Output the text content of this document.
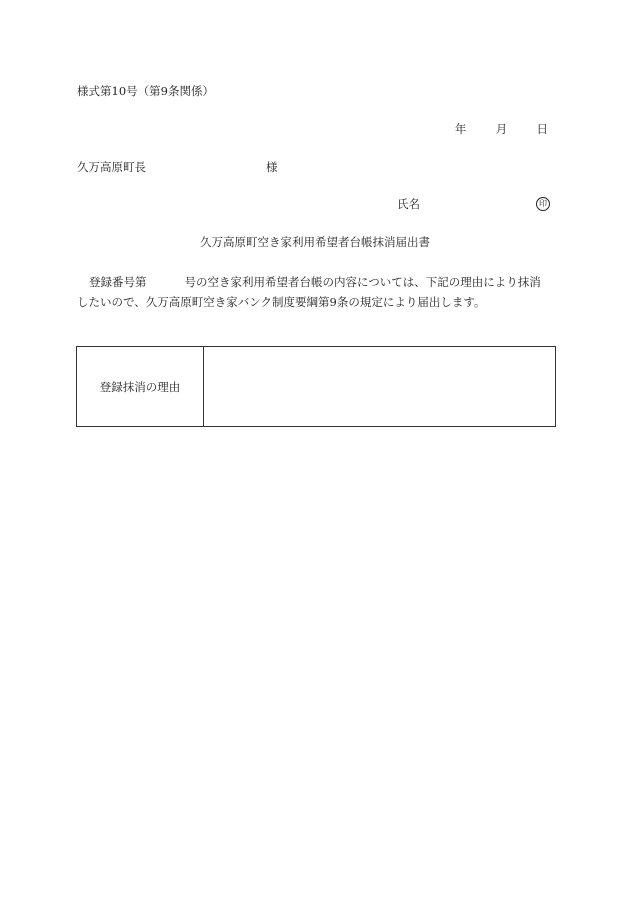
様式第10号（第9条関係）
年	月	日
久万高原町長	様
氏名	印
久万高原町空き家利用希望者台帳抹消届出書
登録番号第	号の空き家利用希望者台帳の内容については、下記の理由により抹消
したいので、久万高原町空き家バンク制度要綱第9条の規定により届出します。
登録抹消の理由
